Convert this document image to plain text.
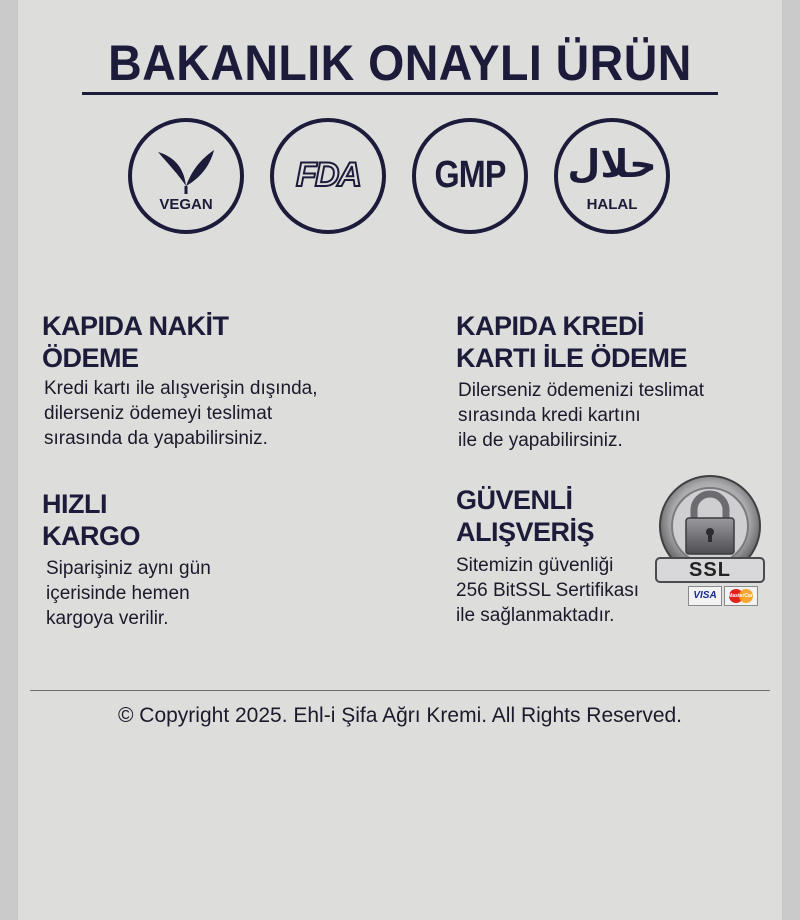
BAKANLIK ONAYLI ÜRÜN
VEGAN
FDA	GMP حلال
HALAL
KAPIDA NAKİT
ÖDEME
Kredi kartı ile alışverişin dışında,
dilerseniz ödemeyi teslimat
sırasında da yapabilirsiniz.
KAPIDA KREDİ
KARTI İLE ÖDEME
Dilerseniz ödemenizi teslimat
sırasında kredi kartını
ile de yapabilirsiniz.
HIZLI
KARGO
Siparişiniz aynı gün
içerisinde hemen
kargoya verilir.
GÜVENLİ
ALIŞVERİŞ
Sitemizin güvenliği
256 BitSSL Sertifikası
ile sağlanmaktadır.
SSL
VISA	MasterCard
© Copyright 2025. Ehl-i Şifa Ağrı Kremi. All Rights Reserved.
